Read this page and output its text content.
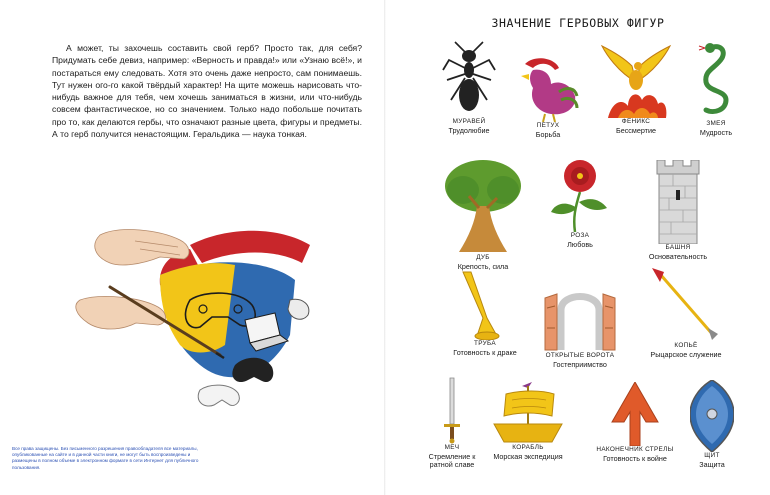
А может, ты захочешь составить свой герб? Просто так, для себя? Придумать себе девиз, например: «Верность и правда!» или «Узнаю всё!», и постараться ему следовать. Хотя это очень даже непросто, сам понимаешь. Тут нужен ого-го какой твёрдый характер! На щите можешь нарисовать что-нибудь важное для тебя, чем хочешь заниматься в жизни, или что-нибудь совсем фантастическое, но со значением. Только надо побольше почитать про то, как делаются гербы, что означают разные цвета, фигуры и предметы. А то герб получится ненастоящим. Геральдика — наука тонкая.

Все права защищены. Без письменного разрешения правообладателя все материалы, опубликованные на сайте и в данной части книги, не могут быть воспроизведены и размещены в полном объеме в электронном формате в сети Интернет для публичного пользования.
ЗНАЧЕНИЕ ГЕРБОВЫХ ФИГУР
МУРАВЕЙ
Трудолюбие
ПЕТУХ
Борьба
ФЕНИКС
Бессмертие
ЗМЕЯ
Мудрость
ДУБ
Крепость, сила
РОЗА
Любовь	БАШНЯ
Основательность
ТРУБА
Готовность к драке	ОТКРЫТЫЕ ВОРОТА
Гостеприимство
КОПЬЁ
Рыцарское служение
МЕЧ
Стремление к ратной славе
КОРАБЛЬ
Морская экспедиция
НАКОНЕЧНИК СТРЕЛЫ
Готовность к войне	ЩИТ
Защита
